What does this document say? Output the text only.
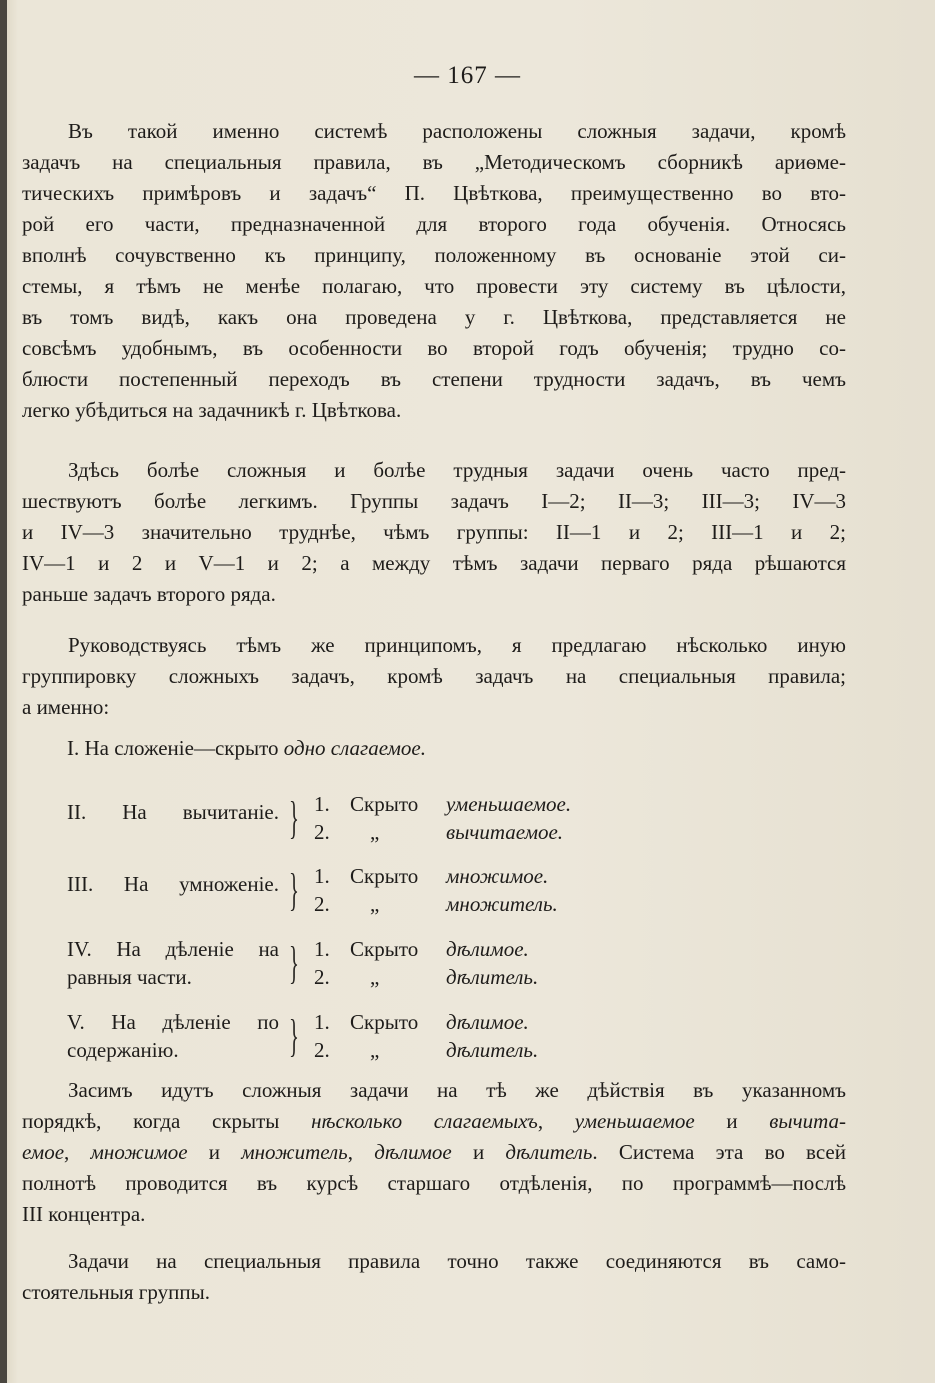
— 167 —
Въ такой именно системѣ расположены сложныя задачи, кромѣ
задачъ на специальныя правила, въ „Методическомъ сборникѣ ариѳме-
тическихъ примѣровъ и задачъ“ П. Цвѣткова, преимущественно во вто-
рой его части, предназначенной для второго года обученія. Относясь
вполнѣ сочувственно къ принципу, положенному въ основаніе этой си-
стемы, я тѣмъ не менѣе полагаю, что провести эту систему въ цѣлости,
въ томъ видѣ, какъ она проведена у г. Цвѣткова, представляется не
совсѣмъ удобнымъ, въ особенности во второй годъ обученія; трудно со-
блюсти постепенный переходъ въ степени трудности задачъ, въ чемъ
легко убѣдиться на задачникѣ г. Цвѣткова.
Здѣсь болѣе сложныя и болѣе трудныя задачи очень часто пред-
шествуютъ болѣе легкимъ. Группы задачъ I—2; II—3; III—3; IV—3
и IV—3 значительно труднѣе, чѣмъ группы: II—1 и 2; III—1 и 2;
IV—1 и 2 и V—1 и 2; а между тѣмъ задачи перваго ряда рѣшаются
раньше задачъ второго ряда.
Руководствуясь тѣмъ же принципомъ, я предлагаю нѣсколько иную
группировку сложныхъ задачъ, кромѣ задачъ на специальныя правила;
а именно:
I. На сложеніе—скрыто одно слагаемое.
II. На вычитаніе. } 1. Скрыто уменьшаемое.
2. „	вычитаемое.
III. На умноженіе. } 1. Скрыто множимое.
2. „	множитель.
IV. На дѣленіе на
равныя части.	} 1. Скрыто дѣлимое.
2. „	дѣлитель.
V. На дѣленіе по
содержанію.	} 1. Скрыто дѣлимое.
2. „	дѣлитель.
Засимъ идутъ сложныя задачи на тѣ же дѣйствія въ указанномъ
порядкѣ, когда скрыты нѣсколько слагаемыхъ, уменьшаемое и вычита-
емое, множимое и множитель, дѣлимое и дѣлитель. Система эта во всей
полнотѣ проводится въ курсѣ старшаго отдѣленія, по программѣ—послѣ
III концентра.
Задачи на специальныя правила точно также соединяются въ само-
стоятельныя группы.
